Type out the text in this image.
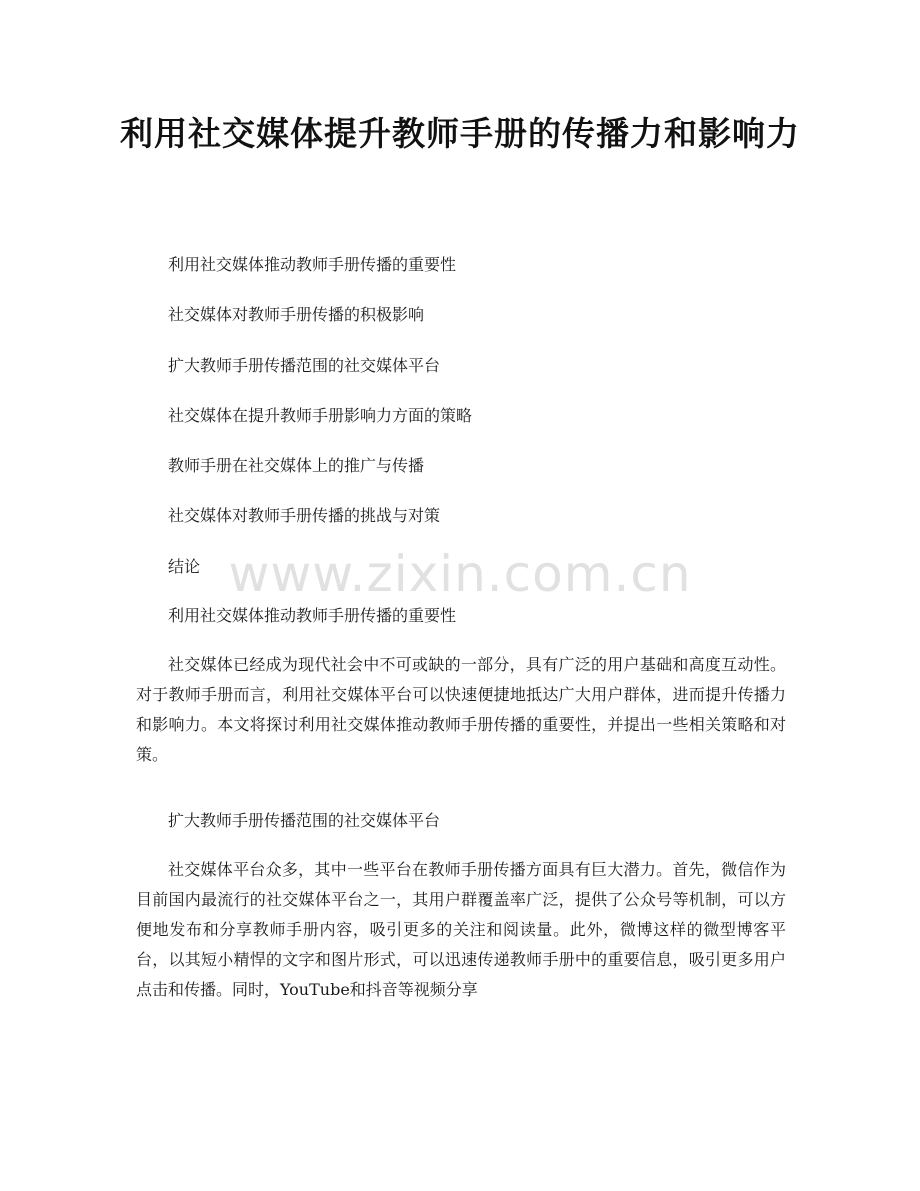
利用社交媒体提升教师手册的传播力和影响力
利用社交媒体推动教师手册传播的重要性
社交媒体对教师手册传播的积极影响
扩大教师手册传播范围的社交媒体平台
社交媒体在提升教师手册影响力方面的策略
教师手册在社交媒体上的推广与传播
社交媒体对教师手册传播的挑战与对策
结论
利用社交媒体推动教师手册传播的重要性

社交媒体已经成为现代社会中不可或缺的一部分，具有广泛的用户基础和高度互动性。对于教师手册而言，利用社交媒体平台可以快速便捷地抵达广大用户群体，进而提升传播力和影响力。本文将探讨利用社交媒体推动教师手册传播的重要性，并提出一些相关策略和对策。

扩大教师手册传播范围的社交媒体平台

社交媒体平台众多，其中一些平台在教师手册传播方面具有巨大潜力。首先，微信作为目前国内最流行的社交媒体平台之一，其用户群覆盖率广泛，提供了公众号等机制，可以方便地发布和分享教师手册内容，吸引更多的关注和阅读量。此外，微博这样的微型博客平台，以其短小精悍的文字和图片形式，可以迅速传递教师手册中的重要信息，吸引更多用户点击和传播。同时，YouTube和抖音等视频分享

www.zixin.com.cn
